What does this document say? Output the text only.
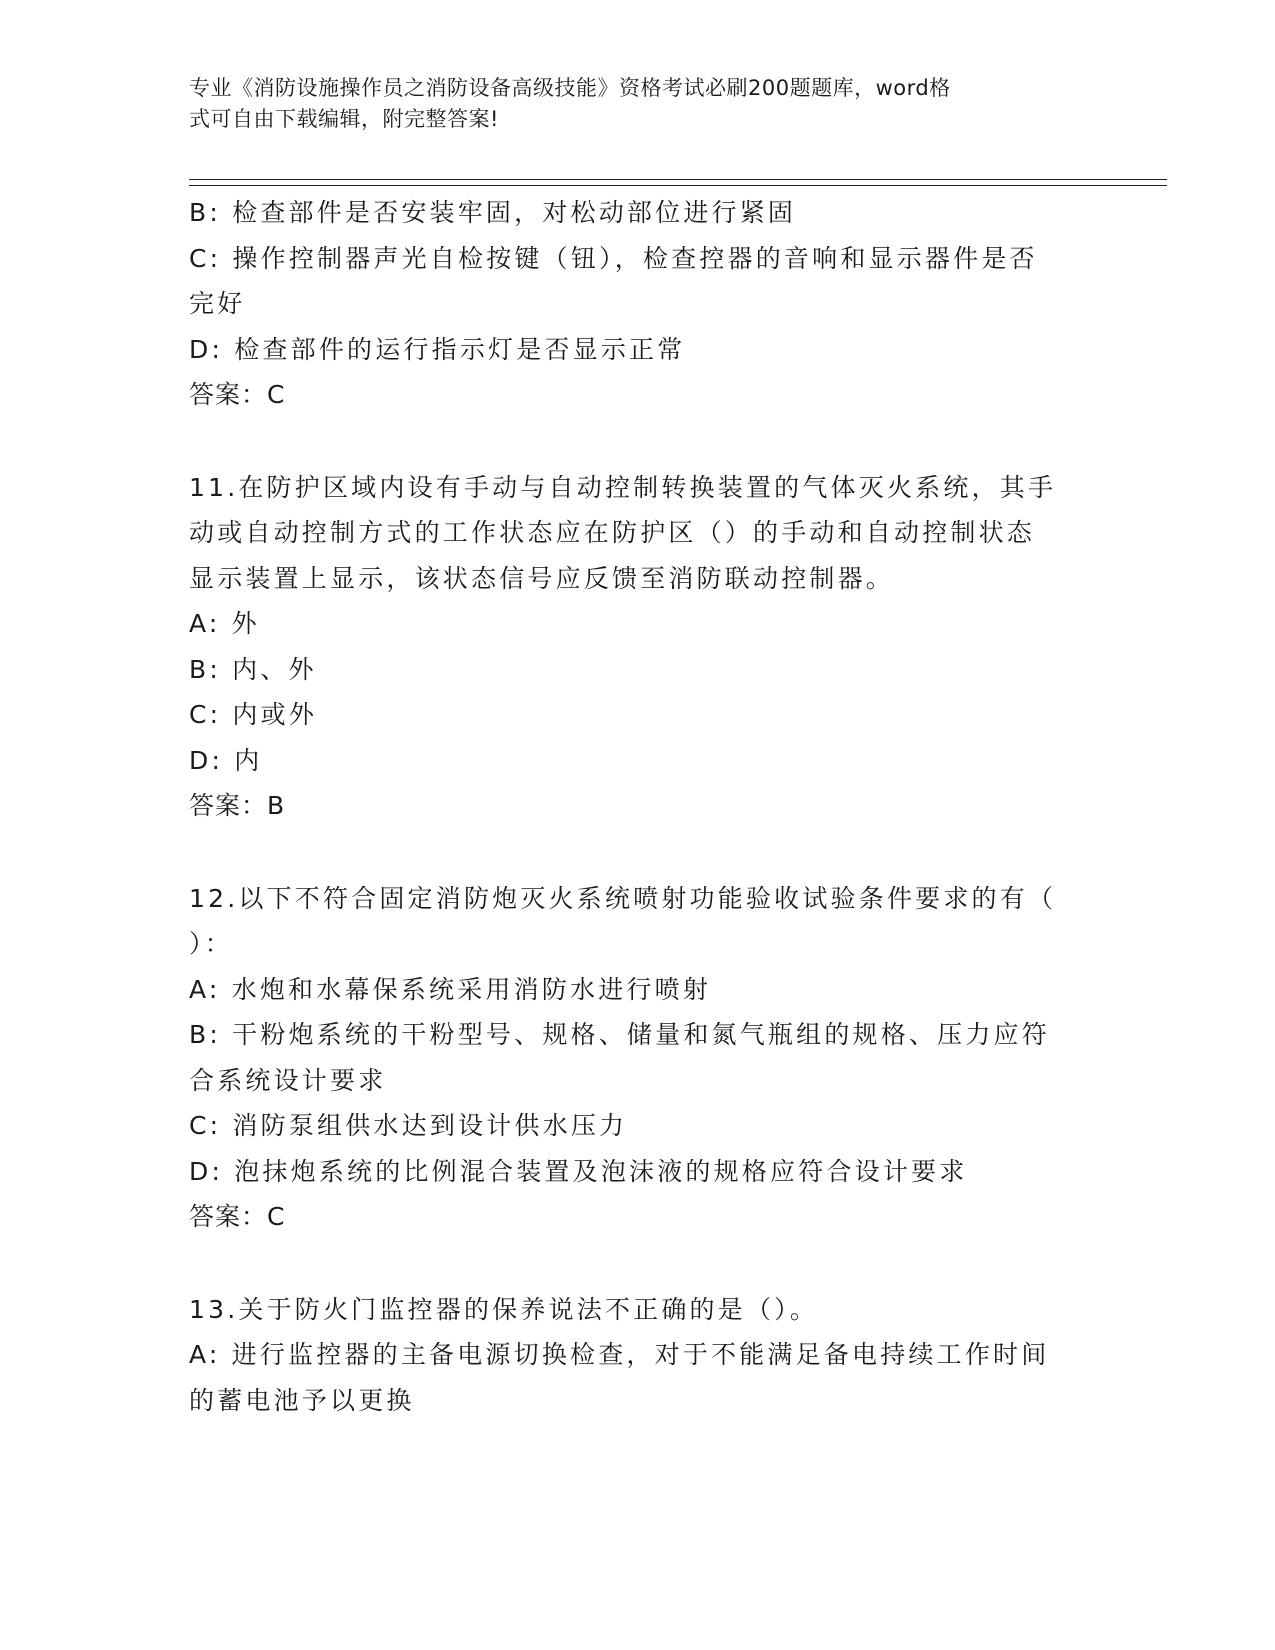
专业《消防设施操作员之消防设备高级技能》资格考试必刷200题题库，word格
式可自由下载编辑，附完整答案!
B: 检查部件是否安装牢固，对松动部位进行紧固
C: 操作控制器声光自检按键（钮），检查控器的音响和显示器件是否
完好
D: 检查部件的运行指示灯是否显示正常
答案：C
11.在防护区域内设有手动与自动控制转换装置的气体灭火系统，其手
动或自动控制方式的工作状态应在防护区（）的手动和自动控制状态
显示装置上显示，该状态信号应反馈至消防联动控制器。
A: 外
B: 内、外
C: 内或外
D: 内
答案：B
12.以下不符合固定消防炮灭火系统喷射功能验收试验条件要求的有（
）：
A: 水炮和水幕保系统采用消防水进行喷射
B: 干粉炮系统的干粉型号、规格、储量和氮气瓶组的规格、压力应符
合系统设计要求
C: 消防泵组供水达到设计供水压力
D: 泡抹炮系统的比例混合装置及泡沫液的规格应符合设计要求
答案：C
13.关于防火门监控器的保养说法不正确的是（）。
A: 进行监控器的主备电源切换检查，对于不能满足备电持续工作时间
的蓄电池予以更换
